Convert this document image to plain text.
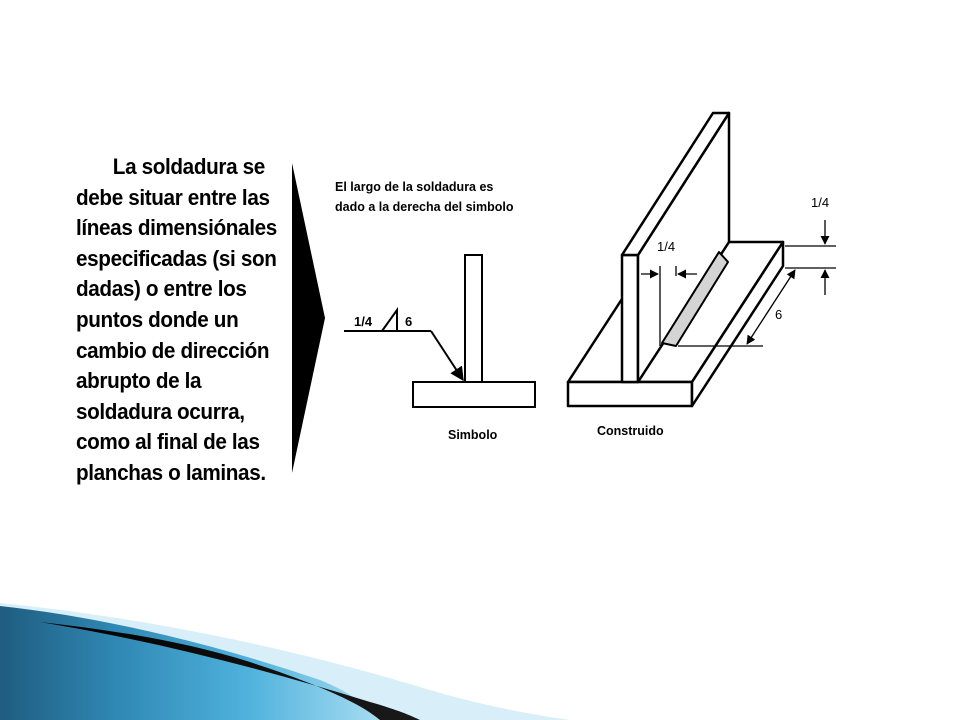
La soldadura se
debe situar entre las
líneas dimensiónales
especificadas (si son
dadas) o entre los
puntos donde un
cambio de dirección
abrupto de la
soldadura ocurra,
como al final de las
planchas o laminas.

El largo de la soldadura es
dado a la derecha del simbolo
1/4	6
Simbolo
1/4
1/4
6
Construido
